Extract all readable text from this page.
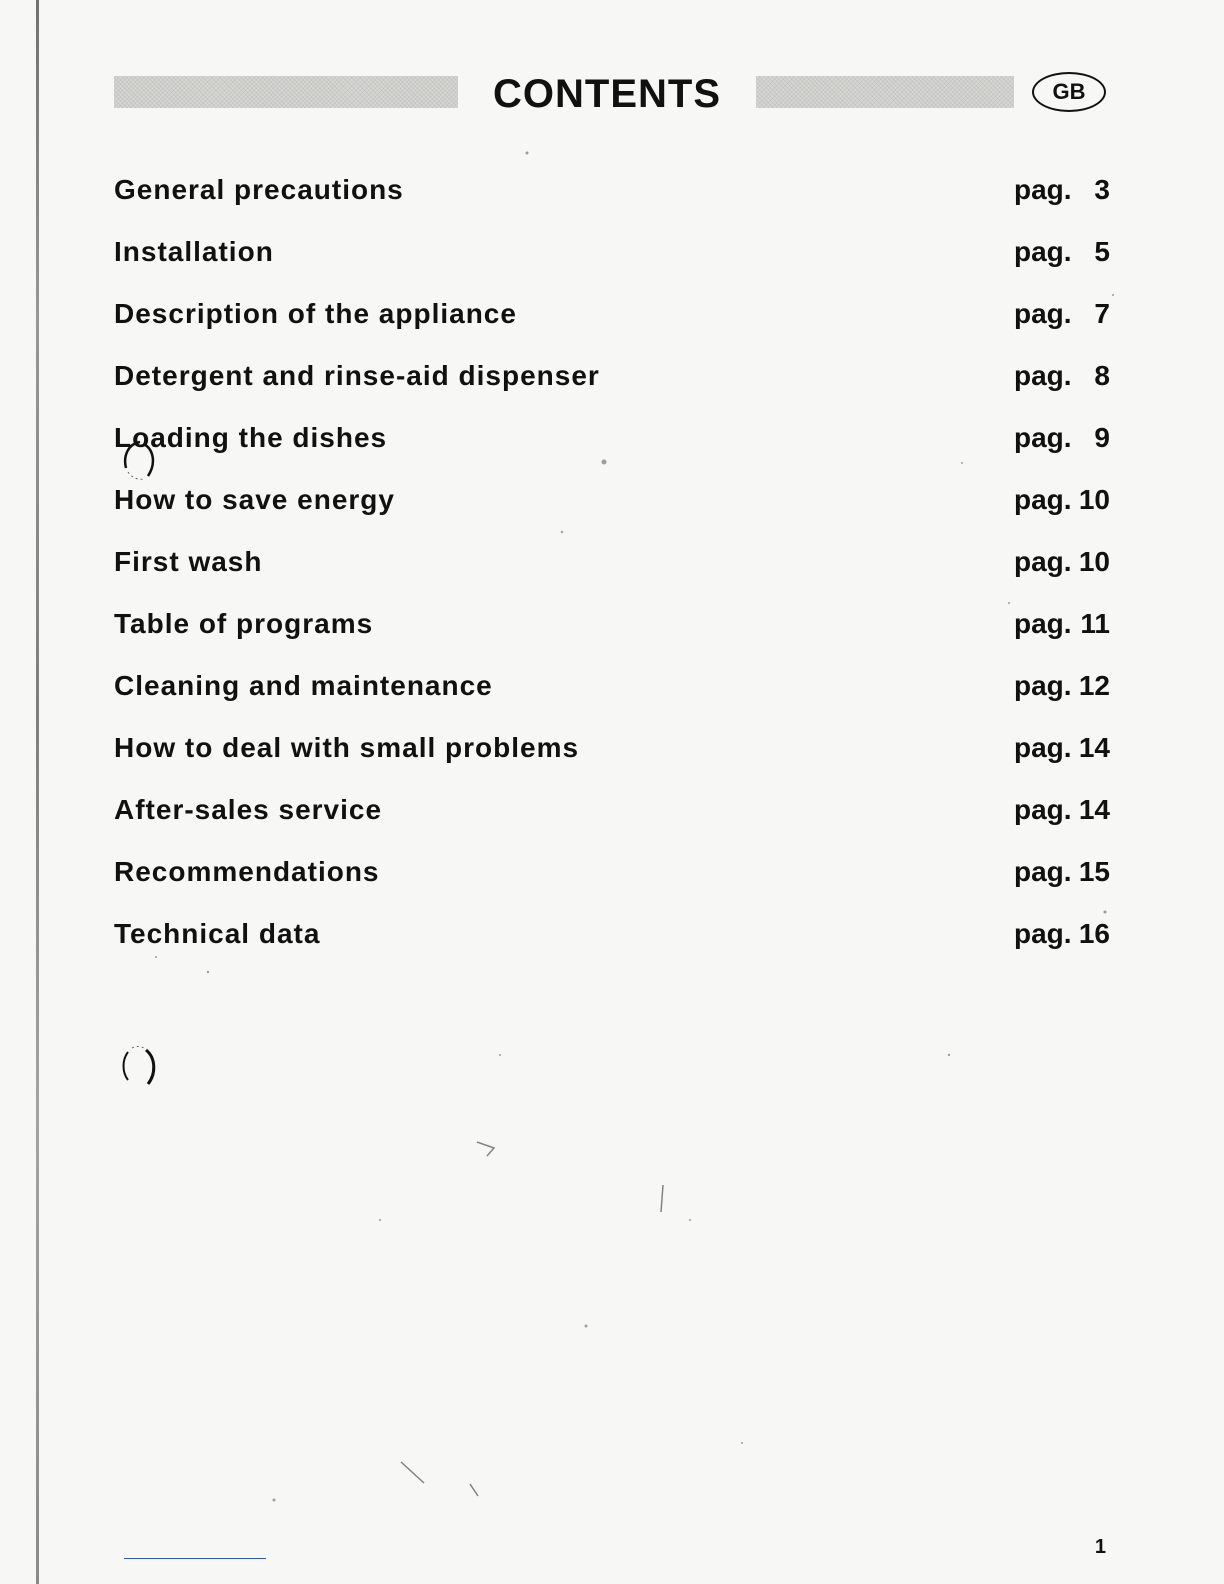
CONTENTS	GB
General precautions	pag. 3
Installation	pag. 5
Description of the appliance	pag. 7
Detergent and rinse-aid dispenser	pag. 8
Loading the dishes	pag. 9
How to save energy	pag. 10
First wash	pag. 10
Table of programs	pag. 11
Cleaning and maintenance	pag. 12
How to deal with small problems	pag. 14
After-sales service	pag. 14
Recommendations	pag. 15
Technical data	pag. 16
1
